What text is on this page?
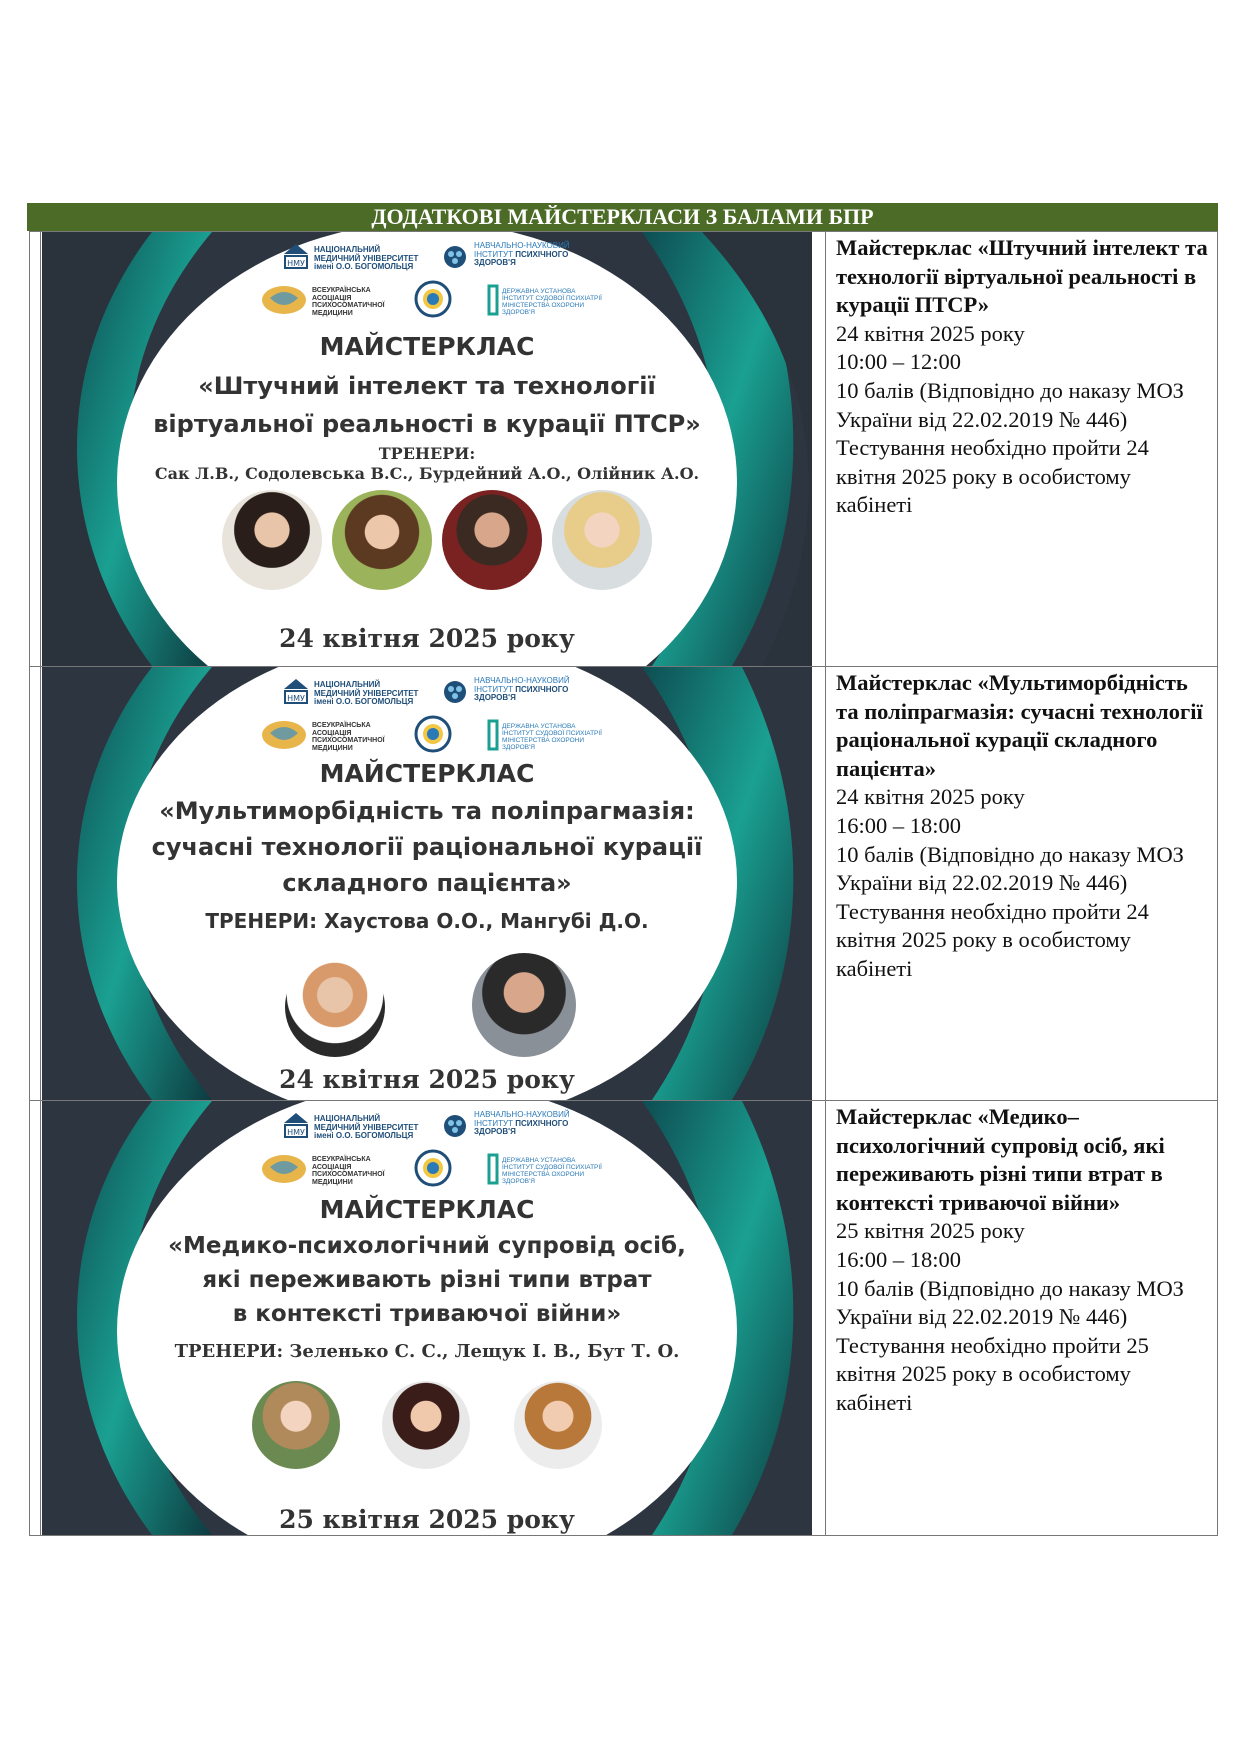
ДОДАТКОВІ МАЙСТЕРКЛАСИ З БАЛАМИ БПР
НМУ
НАЦІОНАЛЬНИЙ МЕДИЧНИЙ УНІВЕРСИТЕТ імені О.О. БОГОМОЛЬЦЯ
НАВЧАЛЬНО-НАУКОВИЙ ІНСТИТУТ ПСИХІЧНОГО ЗДОРОВ'Я
ВСЕУКРАЇНСЬКА АСОЦІАЦІЯ ПСИХОСОМАТИЧНОЇ МЕДИЦИНИ
ДЕРЖАВНА УСТАНОВА ІНСТИТУТ СУДОВОЇ ПСИХІАТРІЇ МІНІСТЕРСТВА ОХОРОНИ ЗДОРОВ'Я
МАЙСТЕРКЛАС
«Штучний інтелект та технології
віртуальної реальності в курації ПТСР»
ТРЕНЕРИ:
Сак Л.В., Содолевська В.С., Бурдейний А.О., Олійник А.О.
24 квітня 2025 року
Майстерклас «Штучний інтелект та технології віртуальної реальності в курації ПТСР»
24 квітня 2025 року
10:00 – 12:00
10 балів (Відповідно до наказу МОЗ України від 22.02.2019 № 446)
Тестування необхідно пройти 24 квітня 2025 року в особистому кабінеті
НМУ
НАЦІОНАЛЬНИЙ МЕДИЧНИЙ УНІВЕРСИТЕТ імені О.О. БОГОМОЛЬЦЯ
НАВЧАЛЬНО-НАУКОВИЙ ІНСТИТУТ ПСИХІЧНОГО ЗДОРОВ'Я
ВСЕУКРАЇНСЬКА АСОЦІАЦІЯ ПСИХОСОМАТИЧНОЇ МЕДИЦИНИ
ДЕРЖАВНА УСТАНОВА ІНСТИТУТ СУДОВОЇ ПСИХІАТРІЇ МІНІСТЕРСТВА ОХОРОНИ ЗДОРОВ'Я
МАЙСТЕРКЛАС
«Мультиморбідність та поліпрагмазія:
сучасні технології раціональної курації
складного пацієнта»
ТРЕНЕРИ: Хаустова О.О., Мангубі Д.О.
24 квітня 2025 року
Майстерклас «Мультиморбідність та поліпрагмазія: сучасні технології раціональної курації складного пацієнта»
24 квітня 2025 року
16:00 – 18:00
10 балів (Відповідно до наказу МОЗ України від 22.02.2019 № 446)
Тестування необхідно пройти 24 квітня 2025 року в особистому кабінеті
НМУ
НАЦІОНАЛЬНИЙ МЕДИЧНИЙ УНІВЕРСИТЕТ імені О.О. БОГОМОЛЬЦЯ
НАВЧАЛЬНО-НАУКОВИЙ ІНСТИТУТ ПСИХІЧНОГО ЗДОРОВ'Я
ВСЕУКРАЇНСЬКА АСОЦІАЦІЯ ПСИХОСОМАТИЧНОЇ МЕДИЦИНИ
ДЕРЖАВНА УСТАНОВА ІНСТИТУТ СУДОВОЇ ПСИХІАТРІЇ МІНІСТЕРСТВА ОХОРОНИ ЗДОРОВ'Я
МАЙСТЕРКЛАС
«Медико-психологічний супровід осіб,
які переживають різні типи втрат
в контексті триваючої війни»
ТРЕНЕРИ: Зеленько С. С., Лещук І. В., Бут Т. О.
25 квітня 2025 року
Майстерклас «Медико–психологічний супровід осіб, які переживають різні типи втрат в контексті триваючої війни»
25 квітня 2025 року
16:00 – 18:00
10 балів (Відповідно до наказу МОЗ України від 22.02.2019 № 446)
Тестування необхідно пройти 25 квітня 2025 року в особистому кабінеті
